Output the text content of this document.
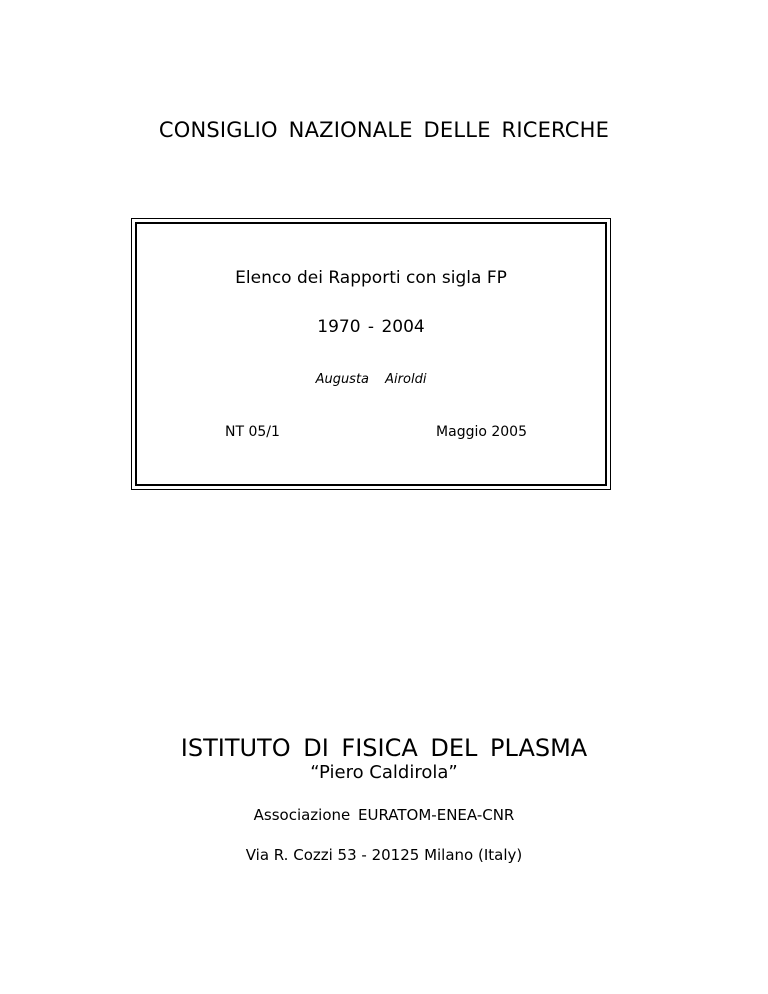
CONSIGLIO NAZIONALE DELLE RICERCHE
Elenco dei Rapporti con sigla FP
1970 - 2004
Augusta Airoldi
NT 05/1	Maggio 2005
ISTITUTO DI FISICA DEL PLASMA
“Piero Caldirola”
Associazione EURATOM-ENEA-CNR
Via R. Cozzi 53 - 20125 Milano (Italy)
